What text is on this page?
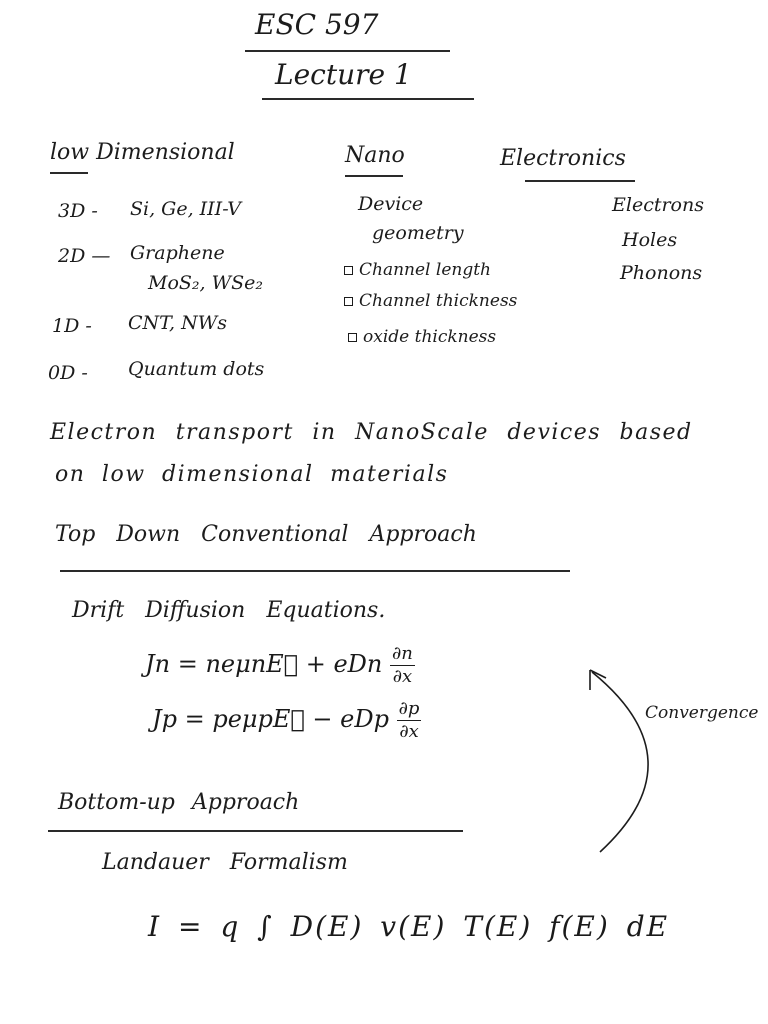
ESC 597
Lecture 1
low Dimensional	Nano	Electronics
3D - Si, Ge, III-V
2D — Graphene
MoS₂, WSe₂
1D - CNT, NWs
0D - Quantum dots
Device
geometry
Channel length
Channel thickness
oxide thickness
Electrons
Holes
Phonons
Electron transport in NanoScale devices based
on low dimensional materials
Top Down Conventional Approach
Drift Diffusion Equations.
Jn = neμnE⃗ + eDn $\frac{\partial n}{\partial x}$
Jp = peμpE⃗ − eDp $\frac{\partial p}{\partial x}$	Convergence
Bottom-up Approach
Landauer Formalism
I = q ∫ D(E) v(E) T(E) f(E) dE
